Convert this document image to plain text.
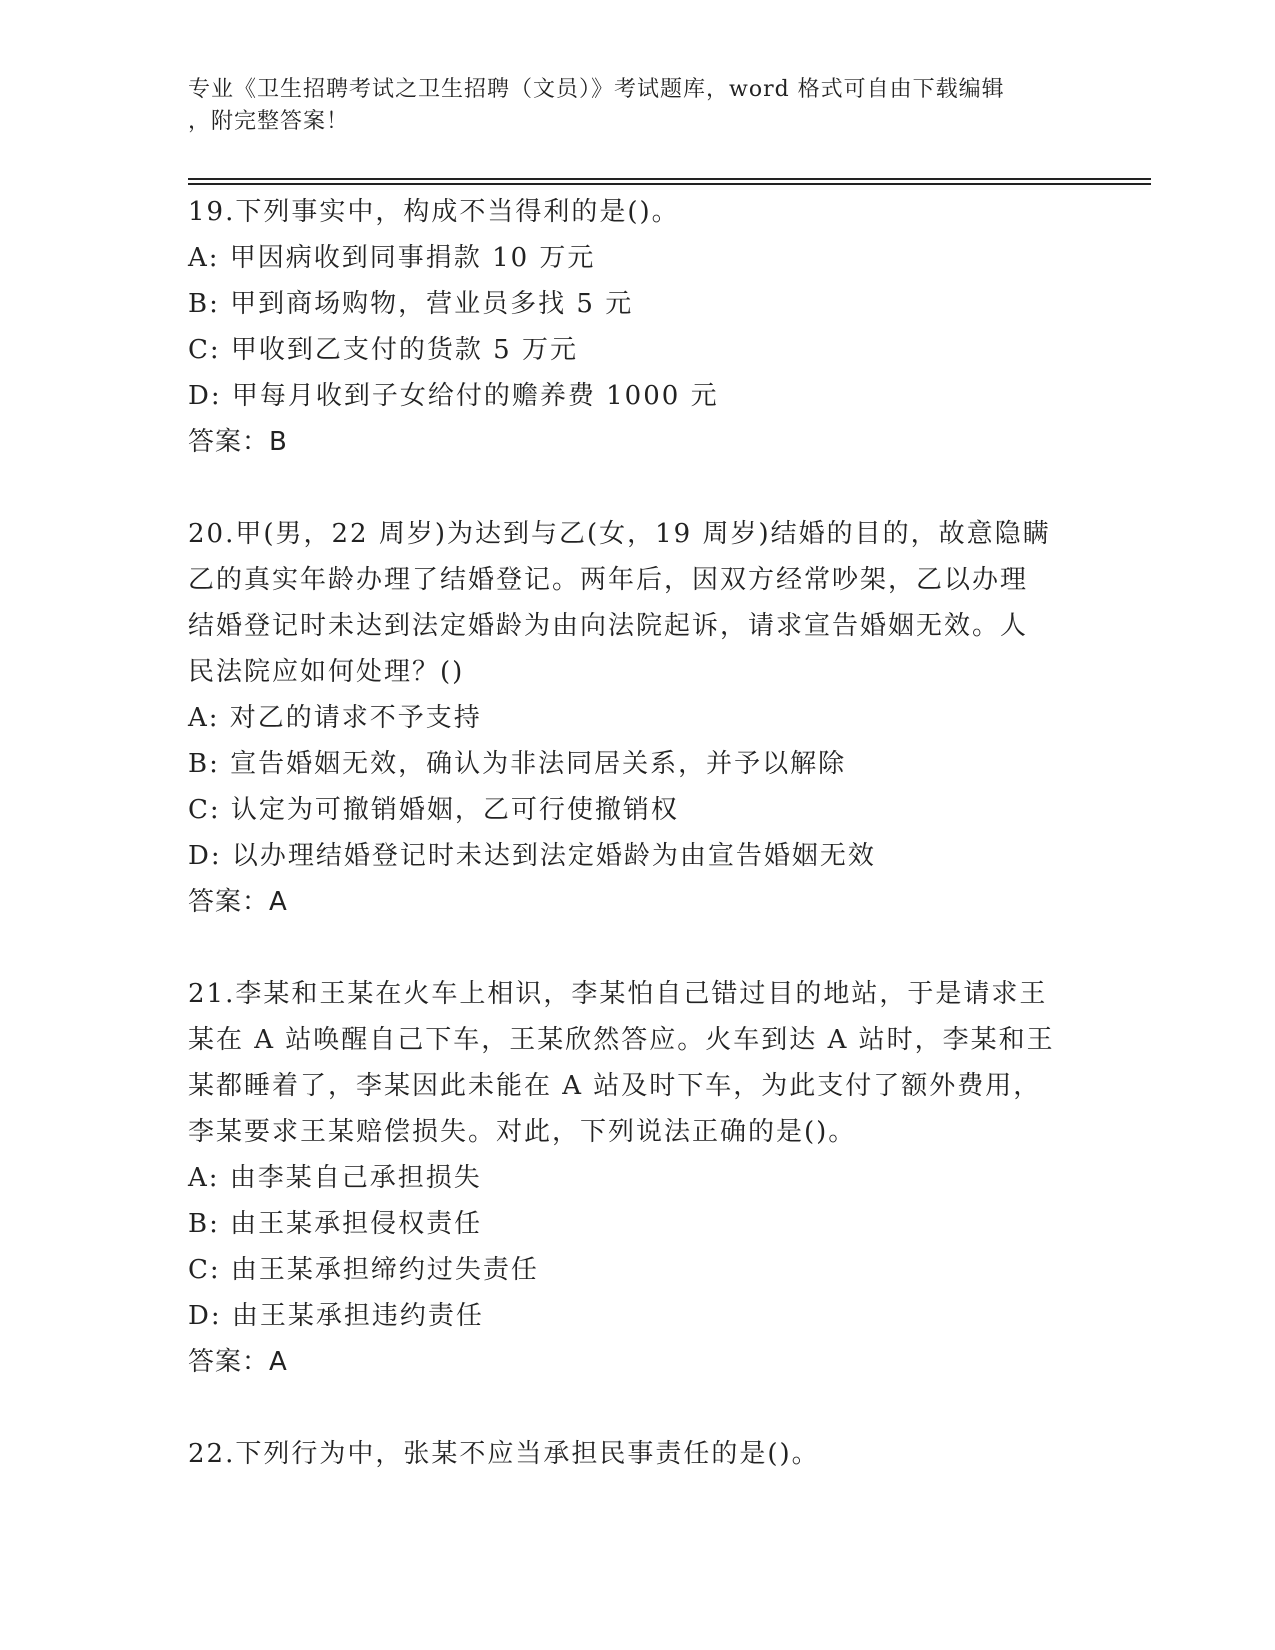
专业《卫生招聘考试之卫生招聘（文员）》考试题库，word 格式可自由下载编辑
，附完整答案！

19.下列事实中，构成不当得利的是()。

A: 甲因病收到同事捐款 10 万元

B: 甲到商场购物，营业员多找 5 元

C: 甲收到乙支付的货款 5 万元

D: 甲每月收到子女给付的赡养费 1000 元

答案：B

20.甲(男，22 周岁)为达到与乙(女，19 周岁)结婚的目的，故意隐瞒

乙的真实年龄办理了结婚登记。两年后，因双方经常吵架，乙以办理

结婚登记时未达到法定婚龄为由向法院起诉，请求宣告婚姻无效。人

民法院应如何处理？()

A: 对乙的请求不予支持

B: 宣告婚姻无效，确认为非法同居关系，并予以解除

C: 认定为可撤销婚姻，乙可行使撤销权

D: 以办理结婚登记时未达到法定婚龄为由宣告婚姻无效

答案：A

21.李某和王某在火车上相识，李某怕自己错过目的地站，于是请求王

某在 A 站唤醒自己下车，王某欣然答应。火车到达 A 站时，李某和王

某都睡着了，李某因此未能在 A 站及时下车，为此支付了额外费用，

李某要求王某赔偿损失。对此，下列说法正确的是()。

A: 由李某自己承担损失

B: 由王某承担侵权责任

C: 由王某承担缔约过失责任

D: 由王某承担违约责任

答案：A

22.下列行为中，张某不应当承担民事责任的是()。
